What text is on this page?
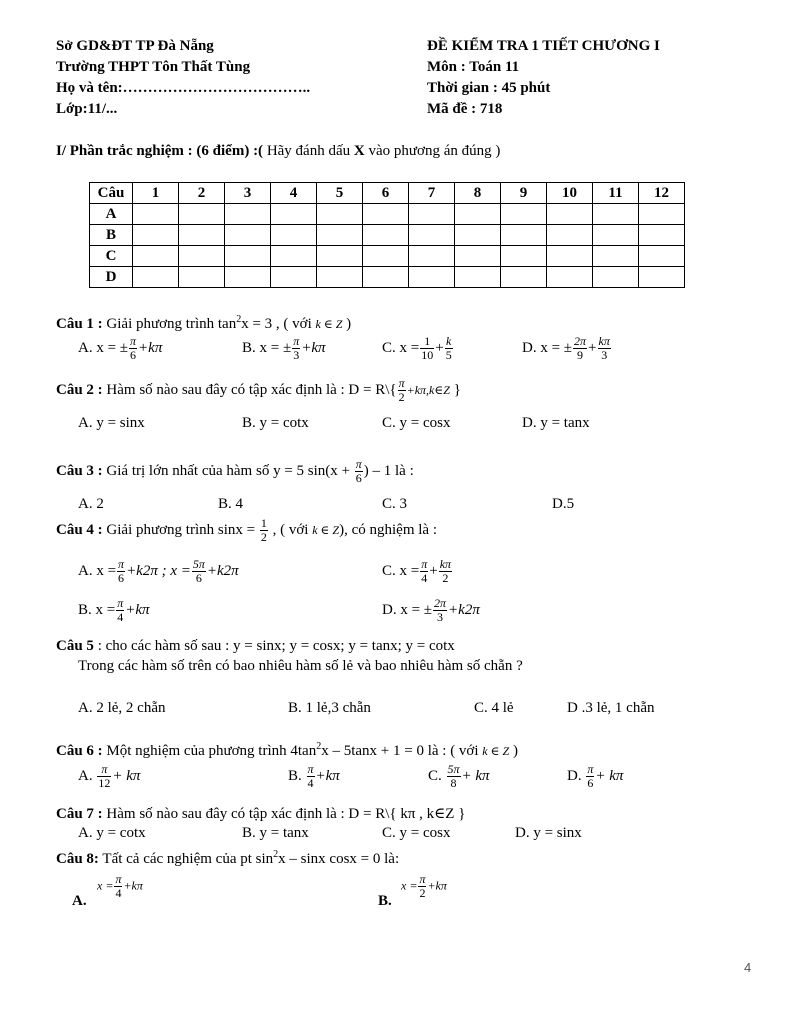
Sở GD&ĐT TP Đà Nẵng
Trường THPT Tôn Thất Tùng
Họ và tên:………………………………..
Lớp:11/...
ĐỀ KIỂM TRA 1 TIẾT CHƯƠNG I
Môn : Toán 11
Thời gian : 45 phút
Mã đề : 718
I/ Phần trắc nghiệm : (6 điểm) :( Hãy đánh dấu X vào phương án đúng )
Câu	1	2	3	4	5	6	7	8	9	10	11	12
A												
B												
C												
D												
Câu 1 : Giải phương trình $\tan^2x = 3$ , ( với k ∈ Z )
A. x = ± $\frac{\pi}{6} +k\pi$	B. x = ± $\frac{\pi}{3} +k\pi$	C. $x = \frac{1}{10} + \frac{k}{5}$	D. x = ± $\frac{2\pi}{9} + \frac{k\pi}{3}$
Câu 2 : Hàm số nào sau đây có tập xác định là : D = R\{ $\frac{\pi}{2}$ +kπ,k∈Z }
A. y = sinx	B. y = cotx	C. y = cosx	D. y = tanx
Câu 3 : Giá trị lớn nhất của hàm số y = 5 $\sin(x + \frac{\pi}{6}$ ) – 1 là :
A. 2	B. 4	C. 3	D.5
Câu 4 : Giải phương trình $\sin x = \frac{1}{2}$ , ( với k ∈ Z), có nghiệm là :
A. $x = \frac{\pi}{6} +k2\pi$ ; $x = \frac{5\pi}{6} +k2\pi$	C. $x = \frac{\pi}{4} + \frac{k\pi}{2}$
B. $x = \frac{\pi}{4} +k\pi$	D. x = ± $\frac{2\pi}{3} +k2\pi$
Câu 5 : cho các hàm số sau : y = sinx; y = cosx; y = tanx; y = cotx
Trong các hàm số trên có bao nhiêu hàm số lẻ và bao nhiêu hàm số chẵn ?
A. 2 lẻ, 2 chẵn	B. 1 lẻ,3 chẵn	C. 4 lẻ	D .3 lẻ, 1 chẵn
Câu 6 : Một nghiệm của phương trình $4\tan^2x - 5\tan x + 1 = 0$ là : ( với k ∈ Z )
A. $\frac{\pi}{12} + k\pi$	B. $\frac{\pi}{4} +k\pi$	C. $\frac{5\pi}{8} + k\pi$	D. $\frac{\pi}{6} + k\pi$
Câu 7 : Hàm số nào sau đây có tập xác định là : D = R\{ kπ , k∈Z }
A. y = cotx	B. y = tanx	C. y = cosx	D. y = sinx
Câu 8: Tất cả các nghiệm của pt $\sin^2x$ – sinx cosx = 0 là:
A.
$x = \frac{\pi}{4} +k\pi$
B.
$x = \frac{\pi}{2} +k\pi$
4
